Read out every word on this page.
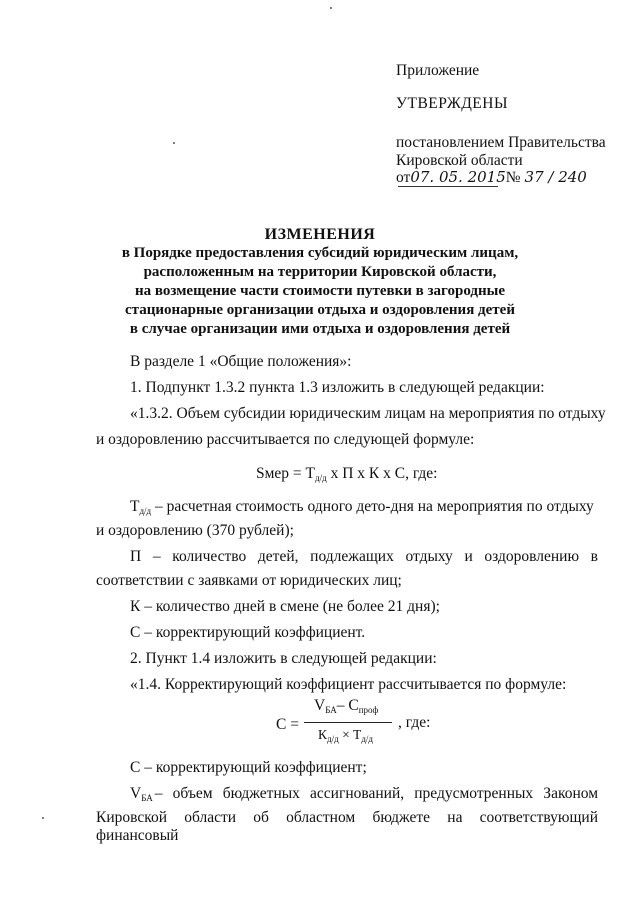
Приложение
УТВЕРЖДЕНЫ
постановлением Правительства
Кировской области
от07. 05. 2015№ 37 / 240
ИЗМЕНЕНИЯ
в Порядке предоставления субсидий юридическим лицам,
расположенным на территории Кировской области,
на возмещение части стоимости путевки в загородные
стационарные организации отдыха и оздоровления детей
в случае организации ими отдыха и оздоровления детей
В разделе 1 «Общие положения»:
1. Подпункт 1.3.2 пункта 1.3 изложить в следующей редакции:
«1.3.2. Объем субсидии юридическим лицам на мероприятия по отдыху
и оздоровлению рассчитывается по следующей формуле:
Sмер = $Т_{д/д}$ х П х К х С, где:
$Т_{д/д}$ – расчетная стоимость одного дето-дня на мероприятия по отдыху
и оздоровлению (370 рублей);
П – количество детей, подлежащих отдыху и оздоровлению в
соответствии с заявками от юридических лиц;
К – количество дней в смене (не более 21 дня);
С – корректирующий коэффициент.
2. Пункт 1.4 изложить в следующей редакции:
«1.4. Корректирующий коэффициент рассчитывается по формуле:
С =
$V_{БА}-$ $С_{проф}$
$К_{д/д} \times Т_{д/д}$
, где:
С – корректирующий коэффициент;
$V_{БА}$ – объем бюджетных ассигнований, предусмотренных Законом
Кировской области об областном бюджете на соответствующий финансовый
